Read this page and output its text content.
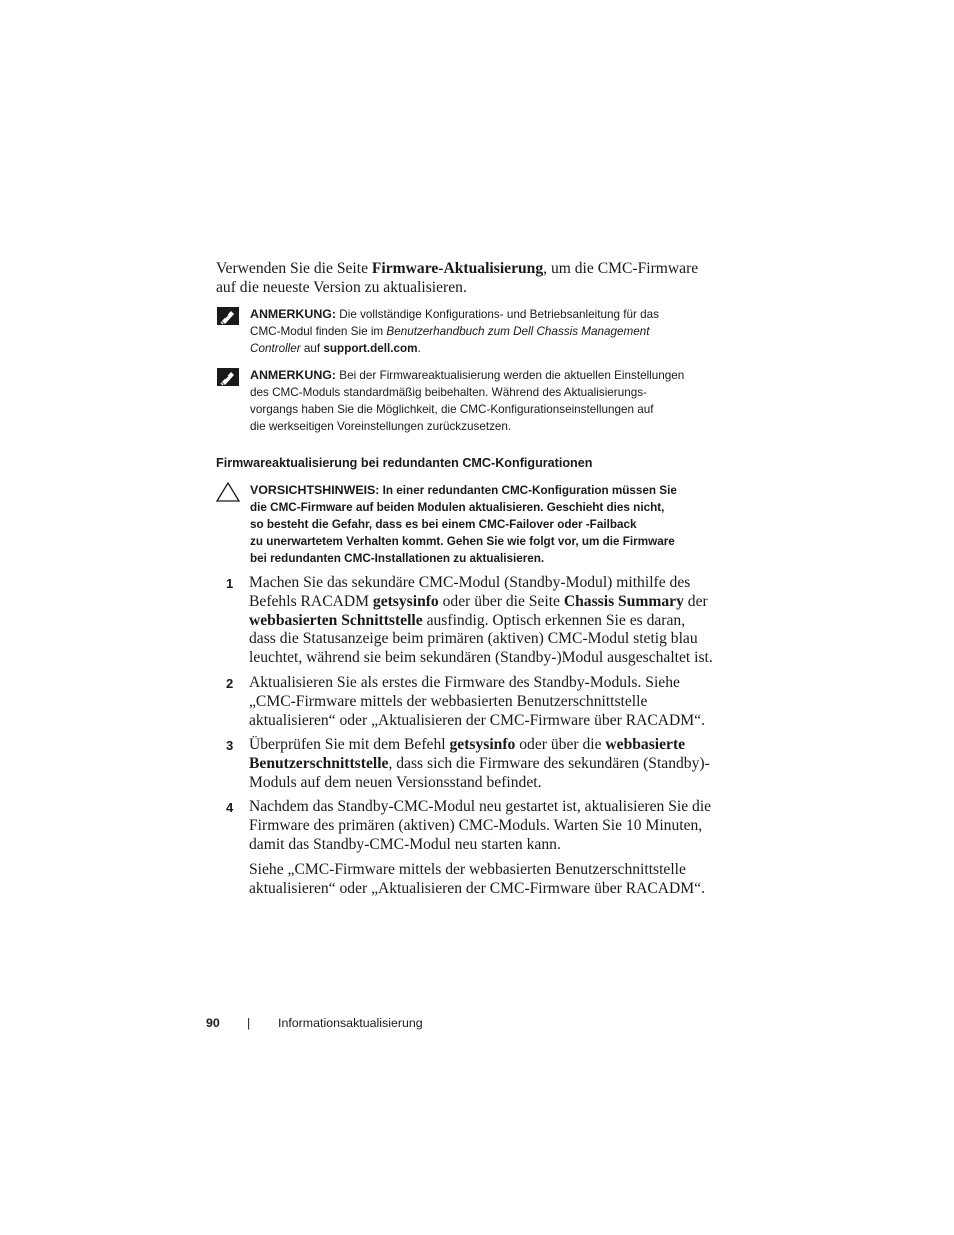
Verwenden Sie die Seite Firmware-Aktualisierung, um die CMC-Firmware
auf die neueste Version zu aktualisieren.

ANMERKUNG: Die vollständige Konfigurations- und Betriebsanleitung für das

CMC-Modul finden Sie im Benutzerhandbuch zum Dell Chassis Management

Controller auf support.dell.com.

ANMERKUNG: Bei der Firmwareaktualisierung werden die aktuellen Einstellungen

des CMC-Moduls standardmäßig beibehalten. Während des Aktualisierungs-

vorgangs haben Sie die Möglichkeit, die CMC-Konfigurationseinstellungen auf

die werkseitigen Voreinstellungen zurückzusetzen.

Firmwareaktualisierung bei redundanten CMC-Konfigurationen

VORSICHTSHINWEIS: In einer redundanten CMC-Konfiguration müssen Sie

die CMC-Firmware auf beiden Modulen aktualisieren. Geschieht dies nicht,

so besteht die Gefahr, dass es bei einem CMC-Failover oder -Failback

zu unerwartetem Verhalten kommt. Gehen Sie wie folgt vor, um die Firmware

bei redundanten CMC-Installationen zu aktualisieren.

1 Machen Sie das sekundäre CMC-Modul (Standby-Modul) mithilfe des

Befehls RACADM getsysinfo oder über die Seite Chassis Summary der

webbasierten Schnittstelle ausfindig. Optisch erkennen Sie es daran,

dass die Statusanzeige beim primären (aktiven) CMC-Modul stetig blau

leuchtet, während sie beim sekundären (Standby-)Modul ausgeschaltet ist.

2 Aktualisieren Sie als erstes die Firmware des Standby-Moduls. Siehe

„CMC-Firmware mittels der webbasierten Benutzerschnittstelle

aktualisieren“ oder „Aktualisieren der CMC-Firmware über RACADM“.

3 Überprüfen Sie mit dem Befehl getsysinfo oder über die webbasierte

Benutzerschnittstelle, dass sich die Firmware des sekundären (Standby)-

Moduls auf dem neuen Versionsstand befindet.

4 Nachdem das Standby-CMC-Modul neu gestartet ist, aktualisieren Sie die

Firmware des primären (aktiven) CMC-Moduls. Warten Sie 10 Minuten,

damit das Standby-CMC-Modul neu starten kann.

Siehe „CMC-Firmware mittels der webbasierten Benutzerschnittstelle

aktualisieren“ oder „Aktualisieren der CMC-Firmware über RACADM“.

90 | Informationsaktualisierung
